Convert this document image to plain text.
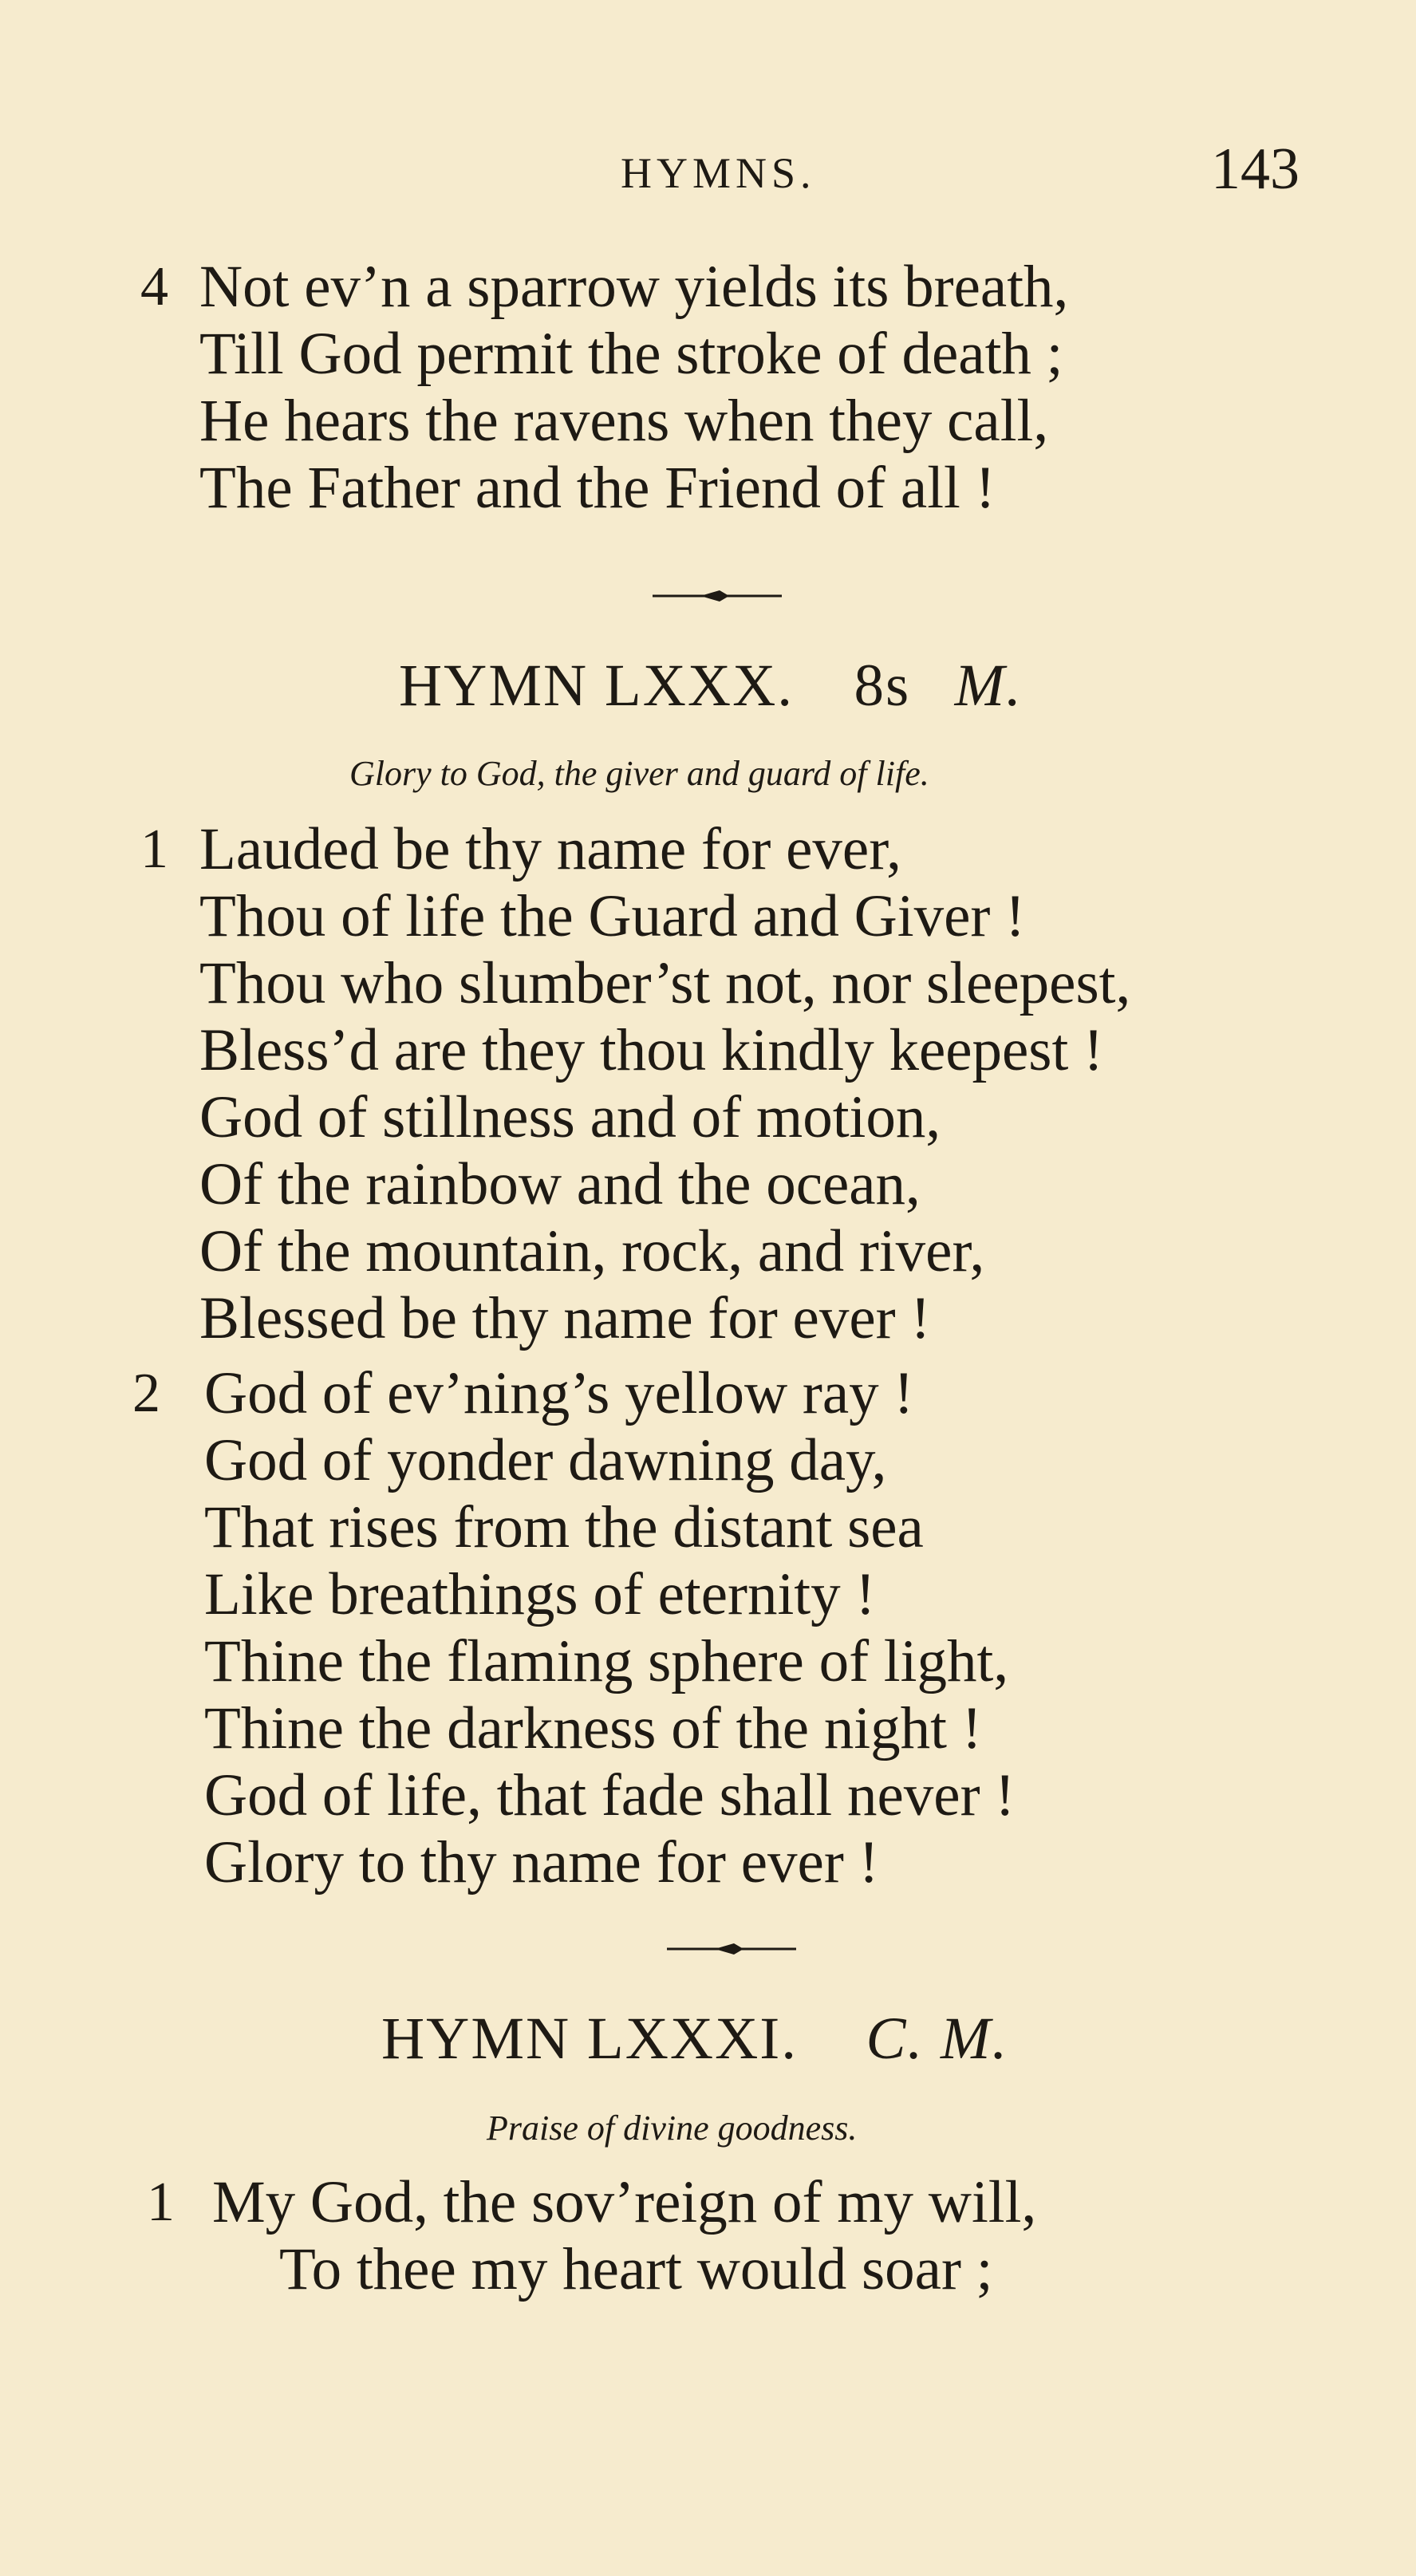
HYMNS.	143
4 Not ev’n a sparrow yields its breath,
Till God permit the stroke of death ;
He hears the ravens when they call,
The Father and the Friend of all !
HYMN LXXX. 8s M.
Glory to God, the giver and guard of life.
1 Lauded be thy name for ever,
Thou of life the Guard and Giver !
Thou who slumber’st not, nor sleepest,
Bless’d are they thou kindly keepest !
God of stillness and of motion,
Of the rainbow and the ocean,
Of the mountain, rock, and river,
Blessed be thy name for ever !
2 God of ev’ning’s yellow ray !
God of yonder dawning day,
That rises from the distant sea
Like breathings of eternity !
Thine the flaming sphere of light,
Thine the darkness of the night !
God of life, that fade shall never !
Glory to thy name for ever !
HYMN LXXXI. C. M.
Praise of divine goodness.
1 My God, the sov’reign of my will,
To thee my heart would soar ;
